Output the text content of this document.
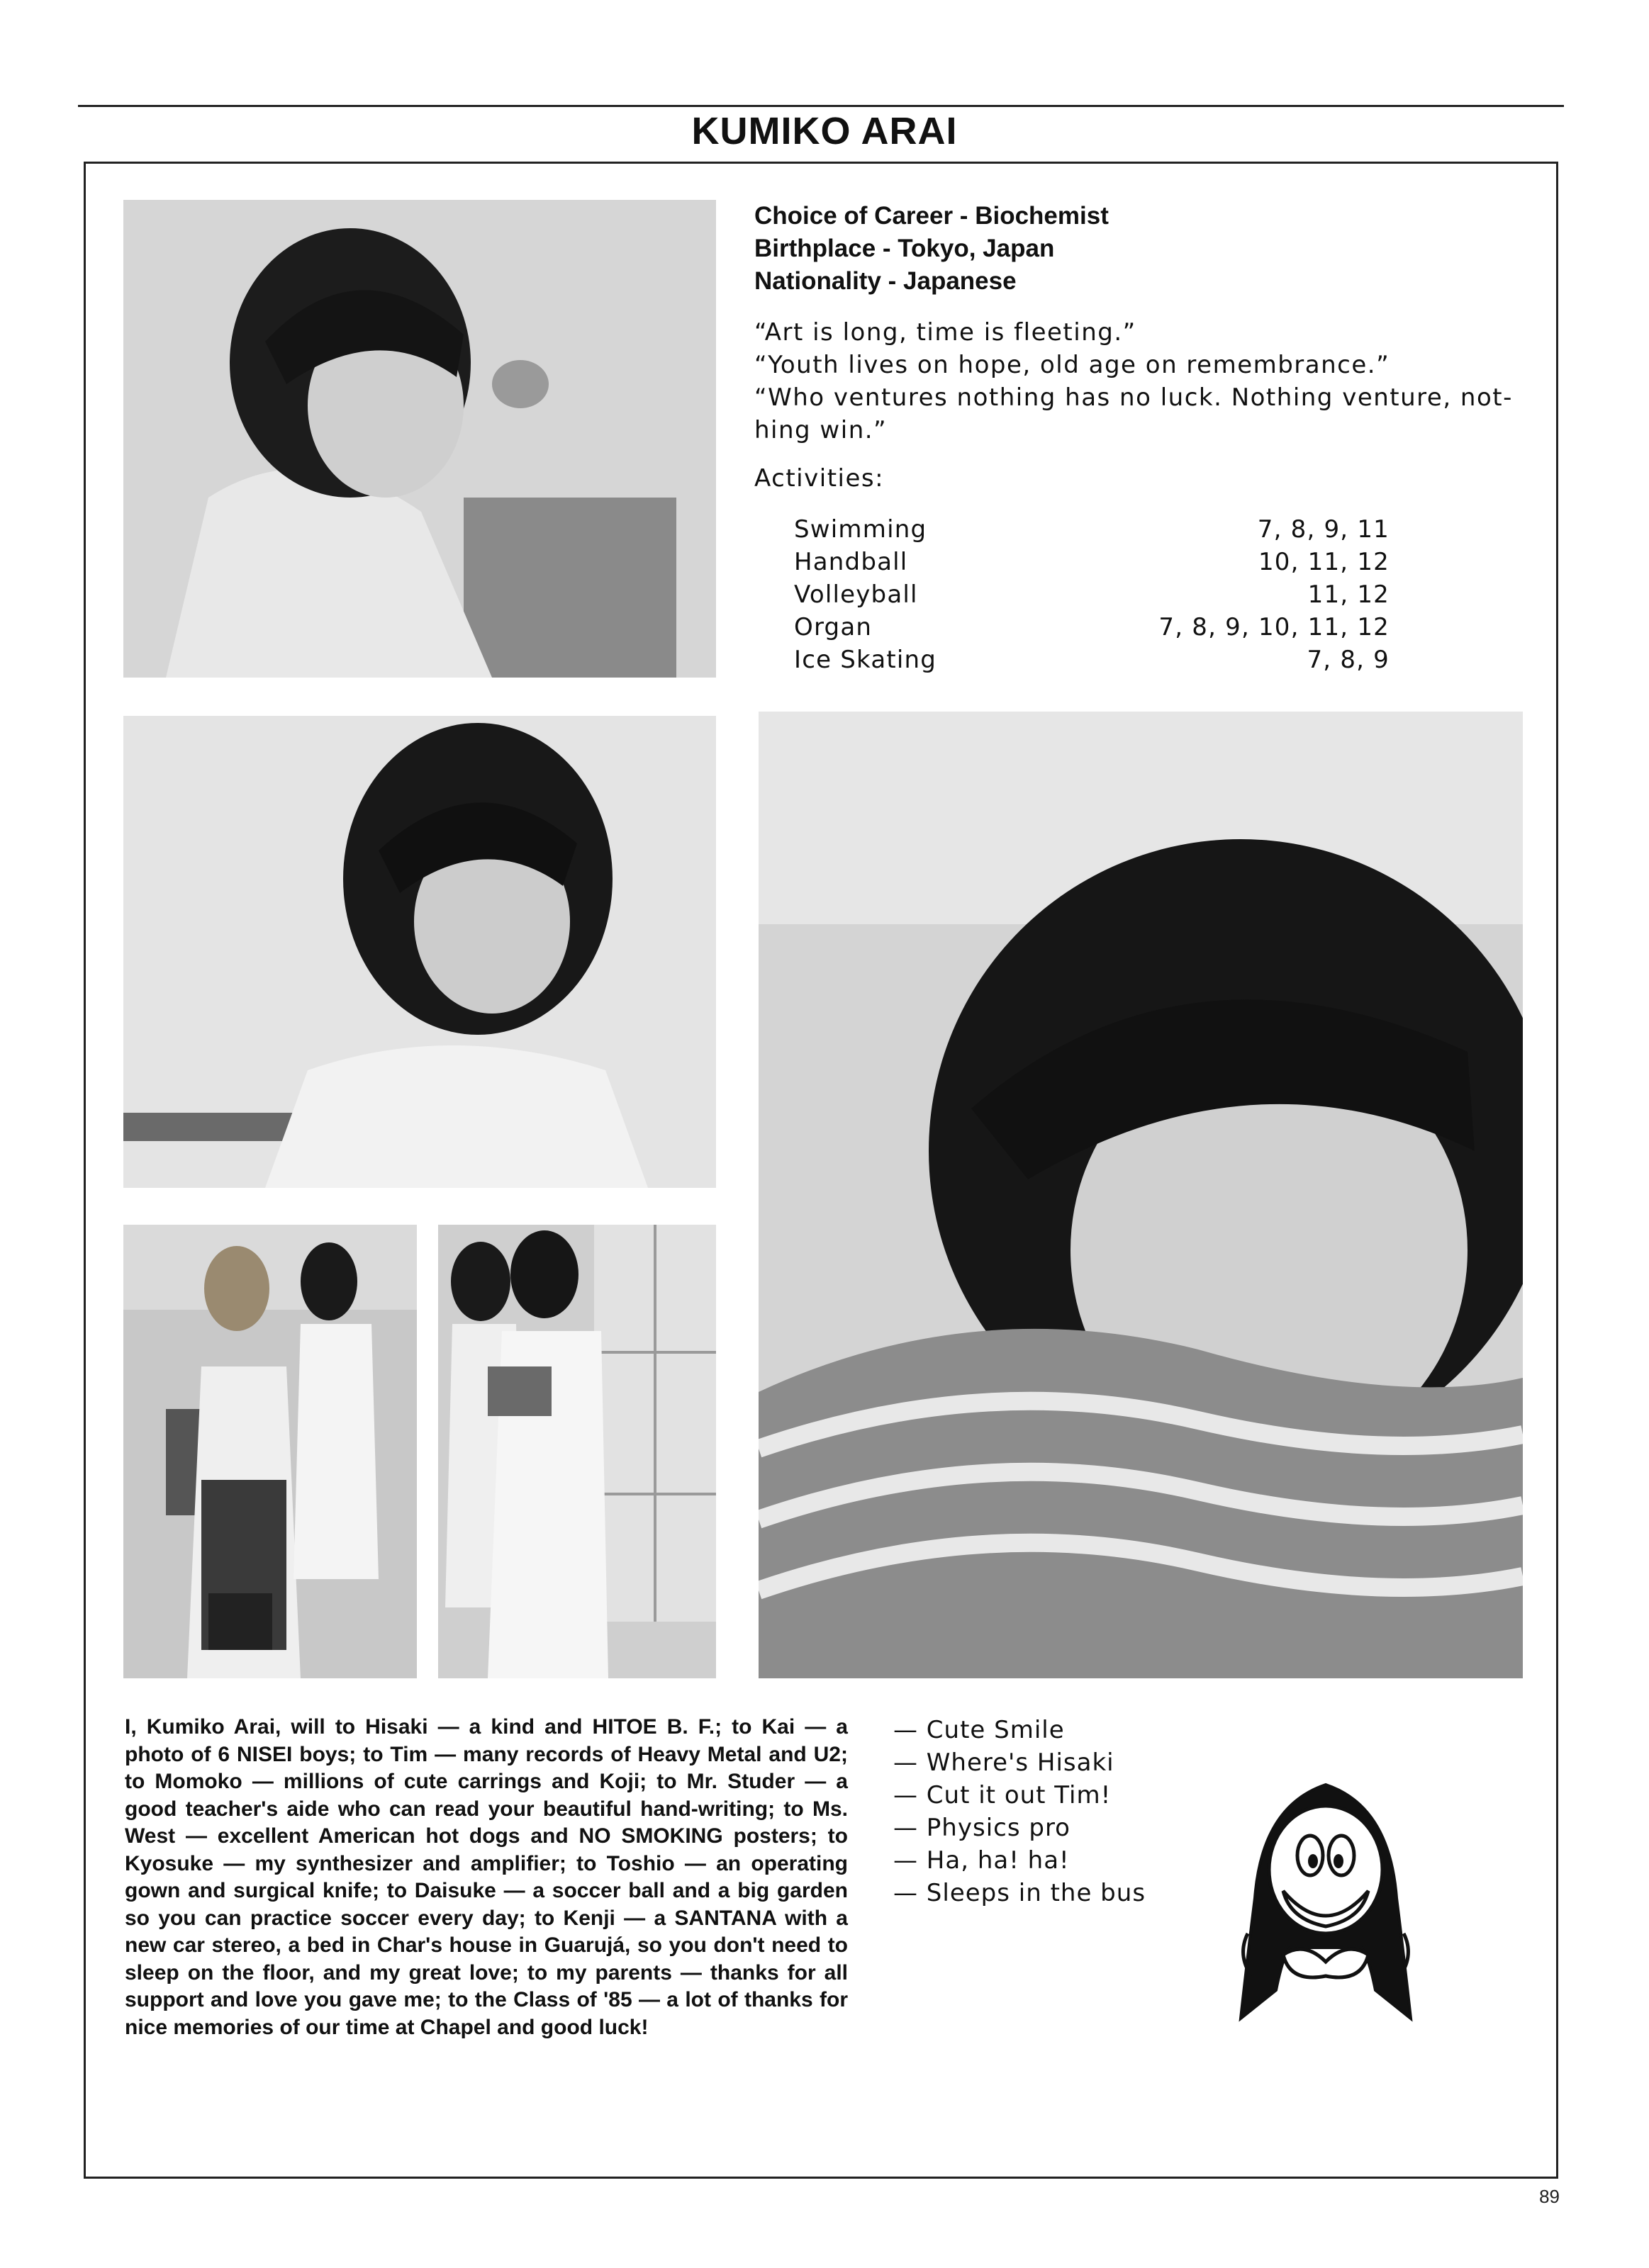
KUMIKO ARAI

Choice of Career - Biochemist

Birthplace - Tokyo, Japan

Nationality - Japanese

“Art is long, time is fleeting.”

“Youth lives on hope, old age on remembrance.”

“Who ventures nothing has no luck. Nothing venture, not-hing win.”

Activities:
Swimming	7, 8, 9, 11
Handball	10, 11, 12
Volleyball	11, 12
Organ	7, 8, 9, 10, 11, 12
Ice Skating	7, 8, 9
I, Kumiko Arai, will to Hisaki — a kind and HITOE B. F.; to Kai — a photo of 6 NISEI boys; to Tim — many records of Heavy Metal and U2; to Momoko — millions of cute carrings and Koji; to Mr. Studer — a good teacher's aide who can read your beautiful hand-writing; to Ms. West — excellent American hot dogs and NO SMOKING posters; to Kyosuke — my synthesizer and amplifier; to Toshio — an operating gown and surgical knife; to Daisuke — a soccer ball and a big garden so you can practice soccer every day; to Kenji — a SANTANA with a new car stereo, a bed in Char's house in Guarujá, so you don't need to sleep on the floor, and my great love; to my parents — thanks for all support and love you gave me; to the Class of '85 — a lot of thanks for nice memories of our time at Chapel and good luck!
— Cute Smile
— Where's Hisaki
— Cut it out Tim!
— Physics pro
— Ha, ha! ha!
— Sleeps in the bus
89
